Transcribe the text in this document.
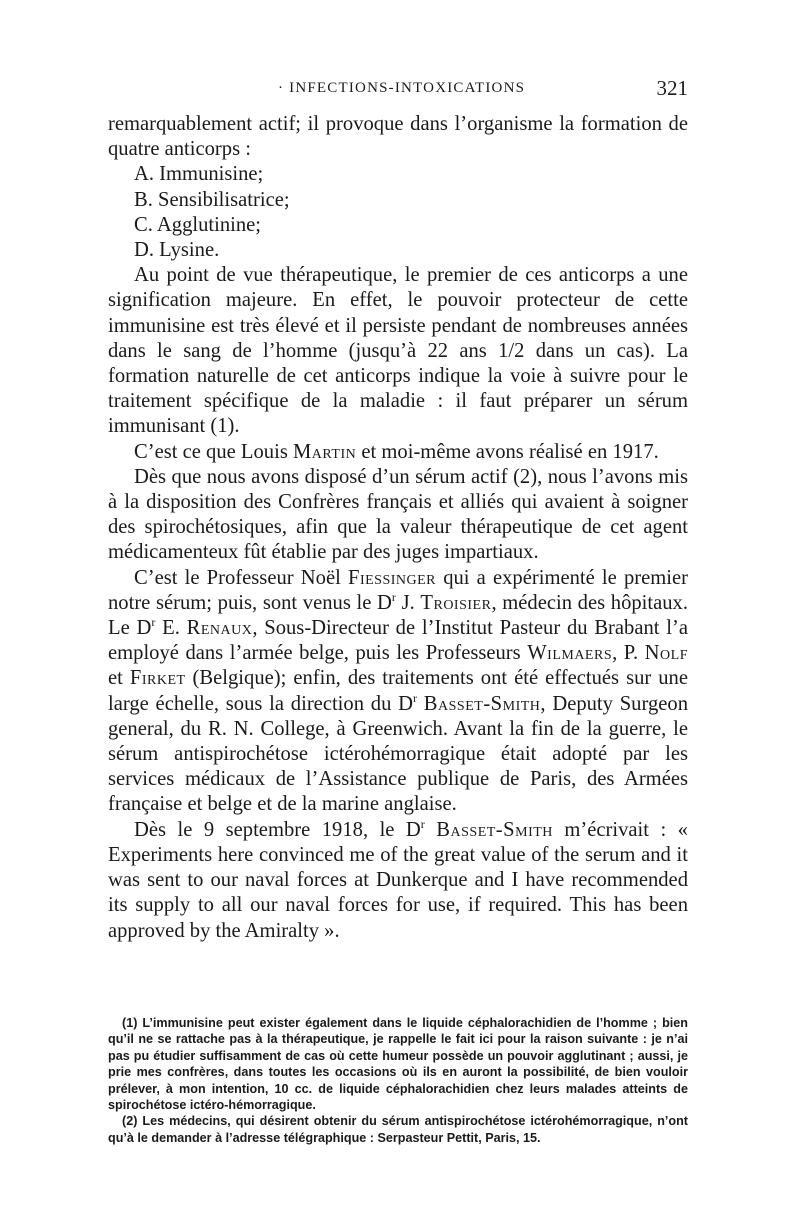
· INFECTIONS-INTOXICATIONS	321

remarquablement actif; il provoque dans l’organisme la formation de quatre anticorps :

A. Immunisine;
B. Sensibilisatrice;
C. Agglutinine;
D. Lysine.

Au point de vue thérapeutique, le premier de ces anticorps a une signification majeure. En effet, le pouvoir protecteur de cette immunisine est très élevé et il persiste pendant de nombreuses années dans le sang de l’homme (jusqu’à 22 ans 1/2 dans un cas). La formation naturelle de cet anticorps indique la voie à suivre pour le traitement spécifique de la maladie : il faut préparer un sérum immunisant (1).

C’est ce que Louis Martin et moi-même avons réalisé en 1917.

Dès que nous avons disposé d’un sérum actif (2), nous l’avons mis à la disposition des Confrères français et alliés qui avaient à soigner des spirochétosiques, afin que la valeur thérapeutique de cet agent médicamenteux fût établie par des juges impartiaux.

C’est le Professeur Noël Fiessinger qui a expérimenté le premier notre sérum; puis, sont venus le $D^r$ J. Troisier, médecin des hôpitaux. Le $D^r$ E. Renaux, Sous-Directeur de l’Institut Pasteur du Brabant l’a employé dans l’armée belge, puis les Professeurs Wilmaers, P. Nolf et Firket (Belgique); enfin, des traitements ont été effectués sur une large échelle, sous la direction du $D^r$ Basset-Smith, Deputy Surgeon general, du R. N. College, à Greenwich. Avant la fin de la guerre, le sérum antispirochétose ictérohémorragique était adopté par les services médicaux de l’Assistance publique de Paris, des Armées française et belge et de la marine anglaise.

Dès le 9 septembre 1918, le $D^r$ Basset-Smith m’écrivait : « Experiments here convinced me of the great value of the serum and it was sent to our naval forces at Dunkerque and I have recommended its supply to all our naval forces for use, if required. This has been approved by the Amiralty ».

(1) L’immunisine peut exister également dans le liquide céphalorachidien de l’homme ; bien qu’il ne se rattache pas à la thérapeutique, je rappelle le fait ici pour la raison suivante : je n’ai pas pu étudier suffisamment de cas où cette humeur possède un pouvoir agglutinant ; aussi, je prie mes confrères, dans toutes les occasions où ils en auront la possibilité, de bien vouloir prélever, à mon intention, 10 cc. de liquide céphalorachidien chez leurs malades atteints de spirochétose ictéro-hémorragique.

(2) Les médecins, qui désirent obtenir du sérum antispirochétose ictérohémorragique, n’ont qu’à le demander à l’adresse télégraphique : Serpasteur Pettit, Paris, 15.
